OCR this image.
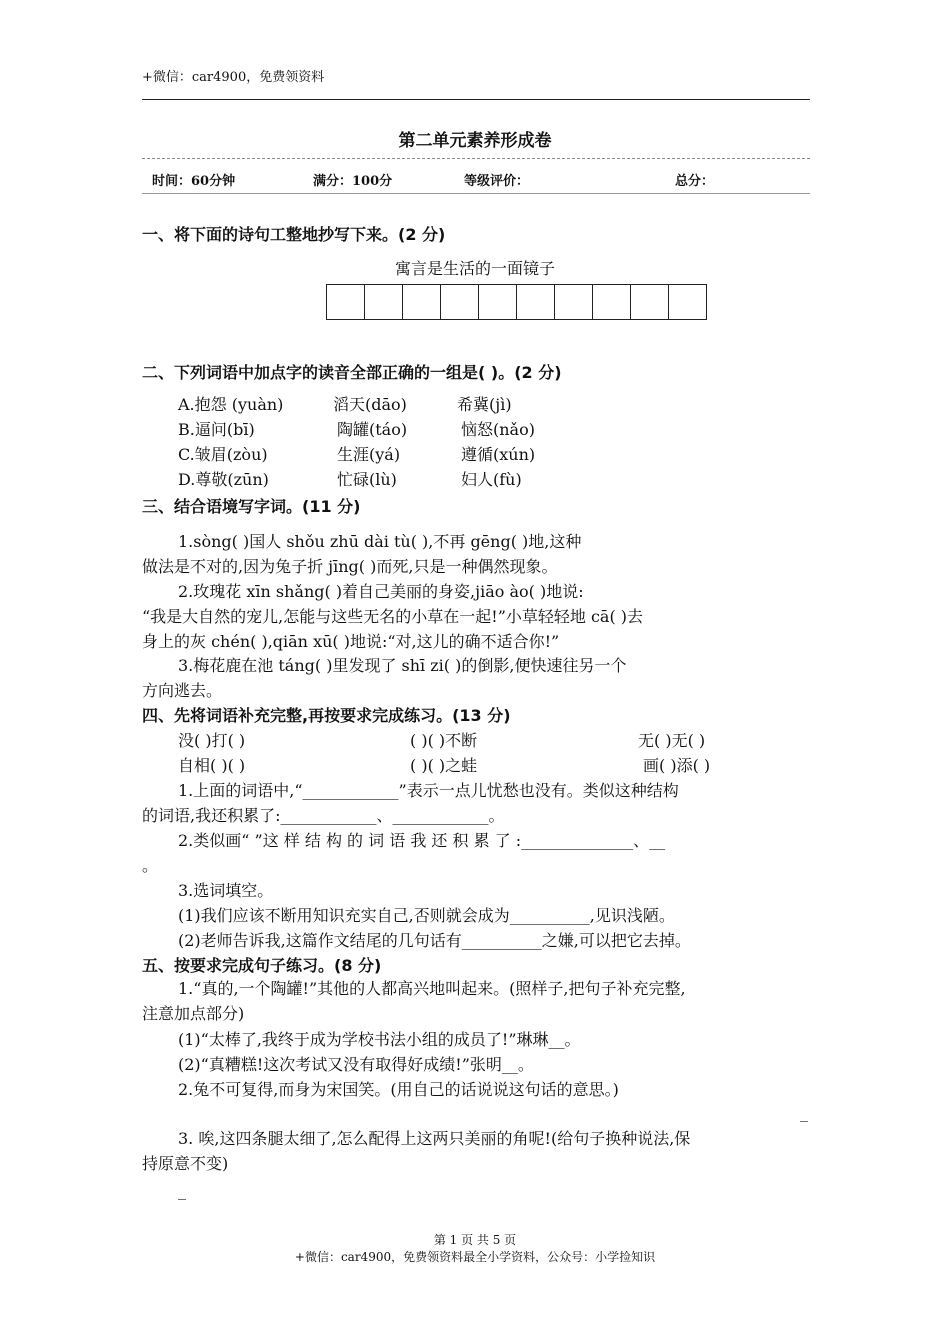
+微信：car4900，免费领资料
第二单元素养形成卷
时间：60分钟	满分：100分	等级评价：	总分：
一、将下面的诗句工整地抄写下来。(2 分)
寓言是生活的一面镜子
二、下列词语中加点字的读音全部正确的一组是( )。(2 分)
A.抱怨 (yuàn)	滔天(dāo)	希冀(jì)
B.逼问(bī)	陶罐(táo)	恼怒(nǎo)
C.皱眉(zòu)	生涯(yá)	遵循(xún)
D.尊敬(zūn)	忙碌(lù)	妇人(fù)
三、结合语境写字词。(11 分)
1.sòng( )国人 shǒu zhū dài tù( ),不再 gēng( )地,这种
做法是不对的,因为兔子折 jīng( )而死,只是一种偶然现象。
2.玫瑰花 xīn shǎng( )着自己美丽的身姿,jiāo ào( )地说:
“我是大自然的宠儿,怎能与这些无名的小草在一起!”小草轻轻地 cā( )去
身上的灰 chén( ),qiān xū( )地说:“对,这儿的确不适合你!”
3.梅花鹿在池 táng( )里发现了 shī zi( )的倒影,便快速往另一个
方向逃去。
四、先将词语补充完整,再按要求完成练习。(13 分)
没( )打( )	( )( )不断	无( )无( )
自相( )( )	( )( )之蛙	画( )添( )
1.上面的词语中,“____________”表示一点儿忧愁也没有。类似这种结构
的词语,我还积累了:____________、____________。
2.类似画“ ”这 样 结 构 的 词 语 我 还 积 累 了 :______________、__
。
3.选词填空。
(1)我们应该不断用知识充实自己,否则就会成为__________,见识浅陋。
(2)老师告诉我,这篇作文结尾的几句话有__________之嫌,可以把它去掉。
五、按要求完成句子练习。(8 分)
1.“真的,一个陶罐!”其他的人都高兴地叫起来。(照样子,把句子补充完整,
注意加点部分)
(1)“太棒了,我终于成为学校书法小组的成员了!”琳琳__。
(2)“真糟糕!这次考试又没有取得好成绩!”张明__。
2.兔不可复得,而身为宋国笑。(用自己的话说说这句话的意思。)
_
3. 唉,这四条腿太细了,怎么配得上这两只美丽的角呢!(给句子换种说法,保
持原意不变)
_
第 1 页 共 5 页
+微信：car4900，免费领资料最全小学资料，公众号：小学捡知识
